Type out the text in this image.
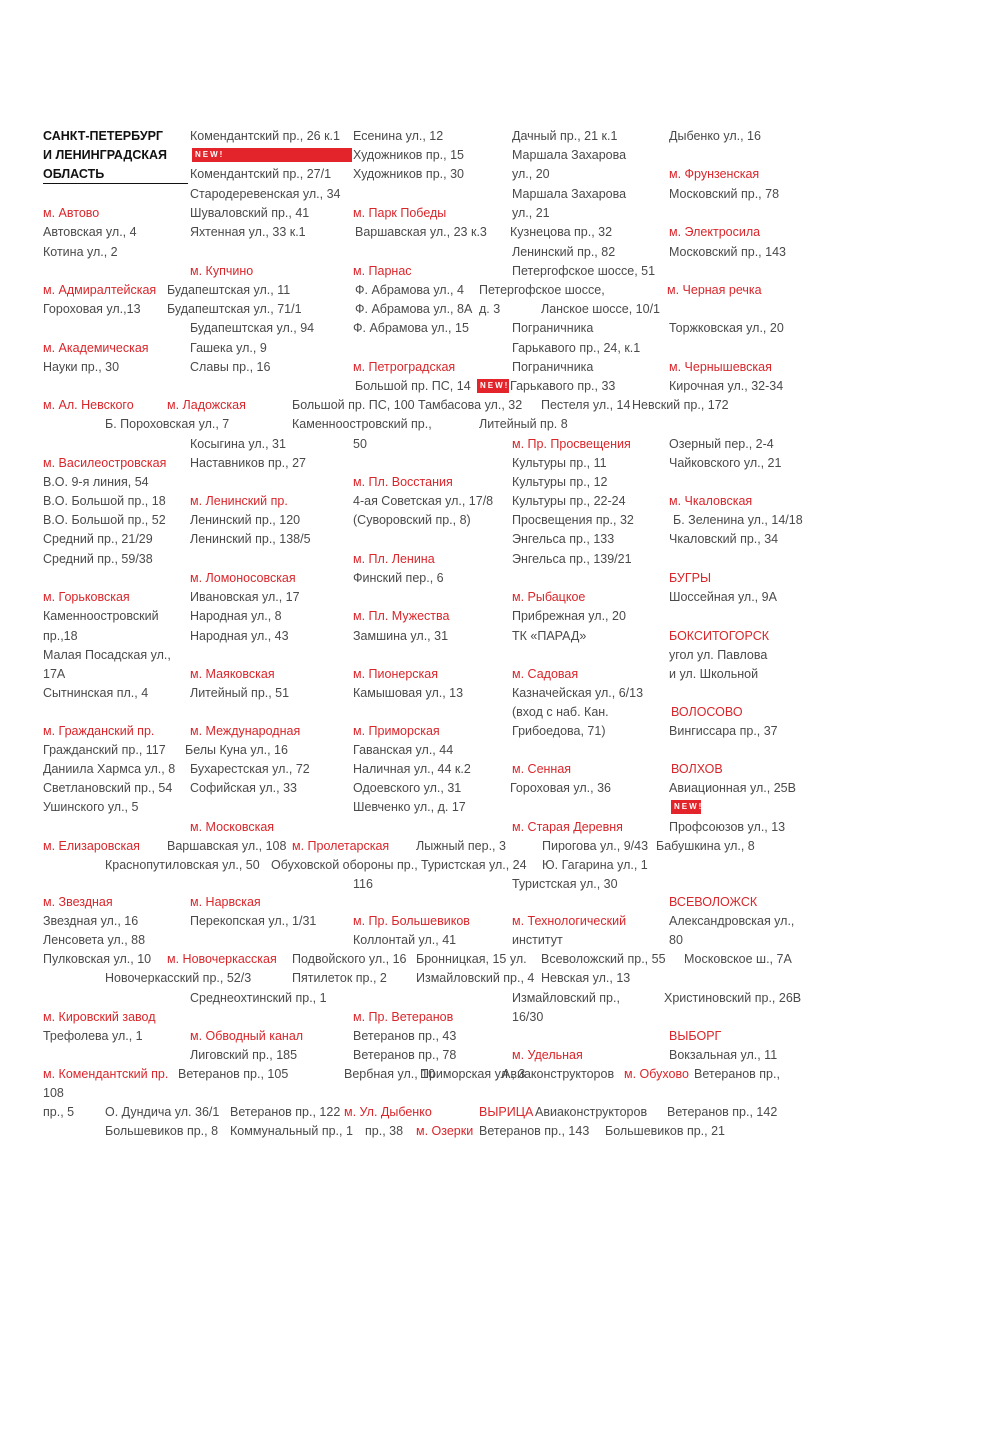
САНКТ-ПЕТЕРБУРГ
И ЛЕНИНГРАДСКАЯ
ОБЛАСТЬ
м. Автово
Автовская ул., 4
Котина ул., 2
м. Адмиралтейская
Гороховая ул.,13
м. Академическая
Науки пр., 30
м. Ал. Невского	м. Ладожская
Б. Пороховская ул., 7
м. Василеостровская
В.О. 9-я линия, 54
В.О. Большой пр., 18
В.О. Большой пр., 52
Средний пр., 21/29
Средний пр., 59/38
м. Горьковская
Каменноостровский
пр.,18
Малая Посадская ул.,
17А
Сытнинская пл., 4
м. Гражданский пр.
Гражданский пр., 117
Даниила Хармса ул., 8
Светлановский пр., 54
Ушинского ул., 5
м. Елизаровская
Краснопутиловская ул., 50
м. Звездная
Звездная ул., 16
Ленсовета ул., 88
Пулковская ул., 10 м. Новочеркасская
Новочеркасский пр., 52/3
м. Кировский завод
Трефолева ул., 1
м. Комендантский пр.
108
пр., 5 О. Дундича ул. 36/1
Большевиков пр., 8
Комендантский пр., 26 к.1
Комендантский пр., 27/1
Стародеревенская ул., 34
Шуваловский пр., 41
Яхтенная ул., 33 к.1
м. Купчино
Будапештская ул., 11
Будапештская ул., 71/1
Будапештская ул., 94
Гашека ул., 9
Славы пр., 16
Косыгина ул., 31
Наставников пр., 27
м. Ленинский пр.
Ленинский пр., 120
Ленинский пр., 138/5
м. Ломоносовская
Ивановская ул., 17
Народная ул., 8
Народная ул., 43
м. Маяковская
Литейный пр., 51
м. Международная
Белы Куна ул., 16
Бухарестская ул., 72
Софийская ул., 33
м. Московская
Варшавская ул., 108
м. Нарвская
Перекопская ул., 1/31
Среднеохтинский пр., 1
м. Обводный канал
Лиговский пр., 185
Ветеранов пр., 105
Ветеранов пр., 122
Коммунальный пр., 1
Есенина ул., 12
Художников пр., 15
Художников пр., 30
м. Парк Победы
Варшавская ул., 23 к.3
м. Парнас
Ф. Абрамова ул., 4
Ф. Абрамова ул., 8А
Ф. Абрамова ул., 15
м. Петроградская
Большой пр. ПС, 14
Большой пр. ПС, 100
Каменноостровский пр.,
50
м. Пл. Восстания
4-ая Советская ул., 17/8
(Суворовский пр., 8)
м. Пл. Ленина
Финский пер., 6
м. Пл. Мужества
Замшина ул., 31
м. Пионерская
Камышовая ул., 13
м. Приморская
Гаванская ул., 44
Наличная ул., 44 к.2
Одоевского ул., 31
Шевченко ул., д. 17
м. Пролетарская
Обуховской обороны пр.,
116
м. Пр. Большевиков
Коллонтай ул., 41
Подвойского ул., 16
Пятилеток пр., 2
м. Пр. Ветеранов
Ветеранов пр., 43
Ветеранов пр., 78
Вербная ул., 10
м. Ул. Дыбенко
пр., 38
Дачный пр., 21 к.1
Маршала Захарова
ул., 20
Маршала Захарова
ул., 21
Кузнецова пр., 32
Ленинский пр., 82
Петергофское шоссе, 51
Петергофское шоссе,
д. 3
Пограничника
Гарькавого пр., 24, к.1
Пограничника
Гарькавого пр., 33
Тамбасова ул., 32
Литейный пр. 8
м. Пр. Просвещения
Культуры пр., 11
Культуры пр., 12
Культуры пр., 22-24
Просвещения пр., 32
Энгельса пр., 133
Энгельса пр., 139/21
м. Рыбацкое
Прибрежная ул., 20
ТК «ПАРАД»
м. Садовая
Казначейская ул., 6/13
(вход с наб. Кан.
Грибоедова, 71)
м. Сенная
Гороховая ул., 36
м. Старая Деревня
Лыжный пер., 3	Пирогова ул., 9/43
Туристская ул., 24
Туристская ул., 30
м. Технологический
институт
Бронницкая, 15 ул.
Измайловский пр., 4
Измайловский пр.,
16/30
м. Удельная
Приморская ул., 3
ВЫРИЦА
м. Озерки
Авиаконструкторов
Авиаконструкторов
Ветеранов пр., 143
Дыбенко ул., 16
м. Фрунзенская
Московский пр., 78
м. Электросила
Московский пр., 143
Ланское шоссе, 10/1
м. Черная речка
Торжковская ул., 20
м. Чернышевская
Кирочная ул., 32-34
Пестеля ул., 14 Невский пр., 172
Озерный пер., 2-4
Чайковского ул., 21
м. Чкаловская
Б. Зеленина ул., 14/18
Чкаловский пр., 34
БУГРЫ
Шоссейная ул., 9А
БОКСИТОГОРСК
угол ул. Павлова
и ул. Школьной
ВОЛОСОВО
Вингиссара пр., 37
ВОЛХОВ
Авиационная ул., 25В
Профсоюзов ул., 13
Бабушкина ул., 8
Ю. Гагарина ул., 1
ВСЕВОЛОЖСК
Александровская ул.,
80
Всеволожский пр., 55
Невская ул., 13
Московское ш., 7А
Христиновский пр., 26В
ВЫБОРГ
Вокзальная ул., 11
м. Обухово Ветеранов пр.,
Ветеранов пр., 142
Большевиков пр., 21
NEW!
NEW!
NEW!
